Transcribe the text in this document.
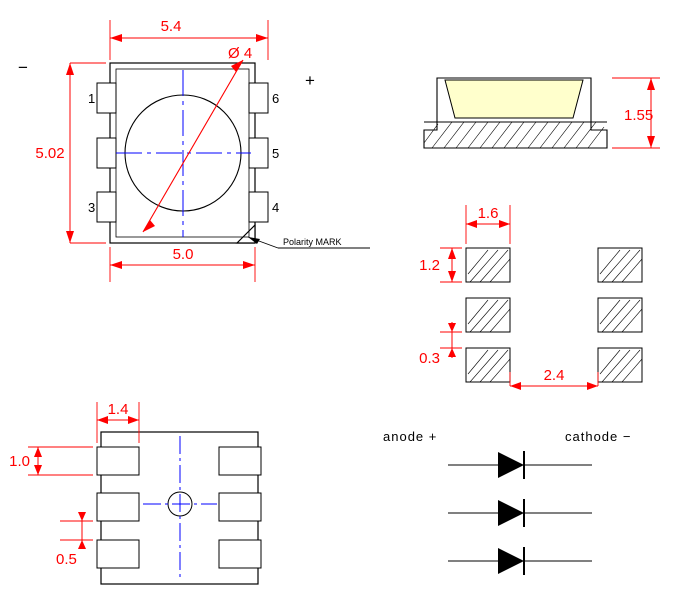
Ø 4
−
+
1	6
5
3	4
Polarity MARK
5.4
5.02
5.0
1.55
1.6
1.2
0.3
2.4
1.4
1.0
0.5
anode +	cathode −
